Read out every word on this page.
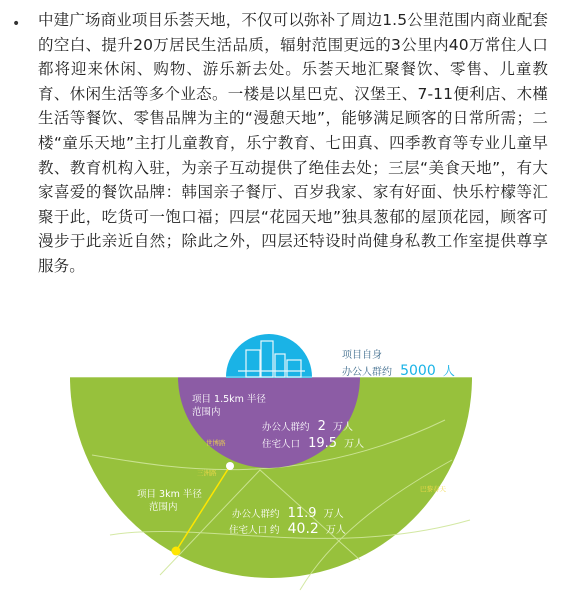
• 中建广场商业项目乐荟天地，不仅可以弥补了周边1.5公里范围内商业配套的空白、提升20万居民生活品质，辐射范围更远的3公里内40万常住人口都将迎来休闲、购物、游乐新去处。乐荟天地汇聚餐饮、零售、儿童教育、休闲生活等多个业态。一楼是以星巴克、汉堡王、7-11便利店、木槿生活等餐饮、零售品牌为主的“漫憩天地”，能够满足顾客的日常所需；二楼“童乐天地”主打儿童教育，乐宁教育、七田真、四季教育等专业儿童早教、教育机构入驻，为亲子互动提供了绝佳去处；三层“美食天地”，有大家喜爱的餐饮品牌：韩国亲子餐厅、百岁我家、家有好面、快乐柠檬等汇聚于此，吃货可一饱口福；四层“花园天地”独具葱郁的屋顶花园，顾客可漫步于此亲近自然；除此之外，四层还特设时尚健身私教工作室提供尊享服务。

项目自身
办公人群约 5000 人
项目 1.5km 半径
范围内
办公人群约 2 万人
住宅人口 19.5 万人
世博路
项目 3km 半径
范围内
办公人群约 11.9 万人
住宅人口 约 40.2 万人
三洲路
巴黎春天
